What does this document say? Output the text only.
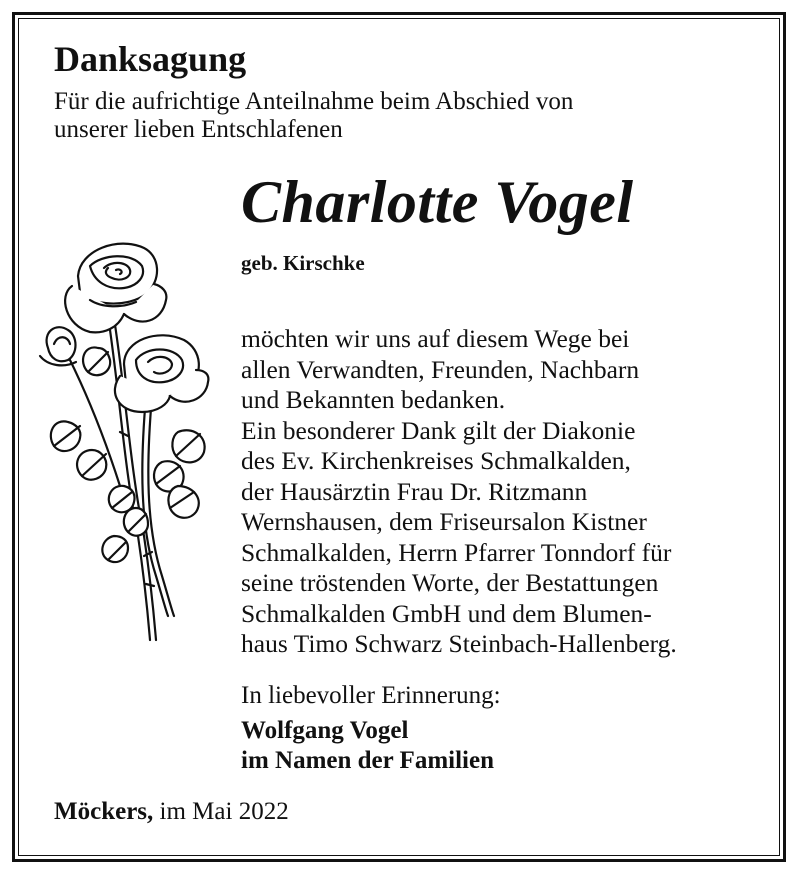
Danksagung

Für die aufrichtige Anteilnahme beim Abschied von
unserer lieben Entschlafenen

Charlotte Vogel

geb. Kirschke

möchten wir uns auf diesem Wege bei
allen Verwandten, Freunden, Nachbarn
und Bekannten bedanken.
Ein besonderer Dank gilt der Diakonie
des Ev. Kirchenkreises Schmalkalden,
der Hausärztin Frau Dr. Ritzmann
Wernshausen, dem Friseursalon Kistner
Schmalkalden, Herrn Pfarrer Tonndorf für
seine tröstenden Worte, der Bestattungen
Schmalkalden GmbH und dem Blumen-
haus Timo Schwarz Steinbach-Hallenberg.

In liebevoller Erinnerung:

Wolfgang Vogel
im Namen der Familien

Möckers, im Mai 2022
